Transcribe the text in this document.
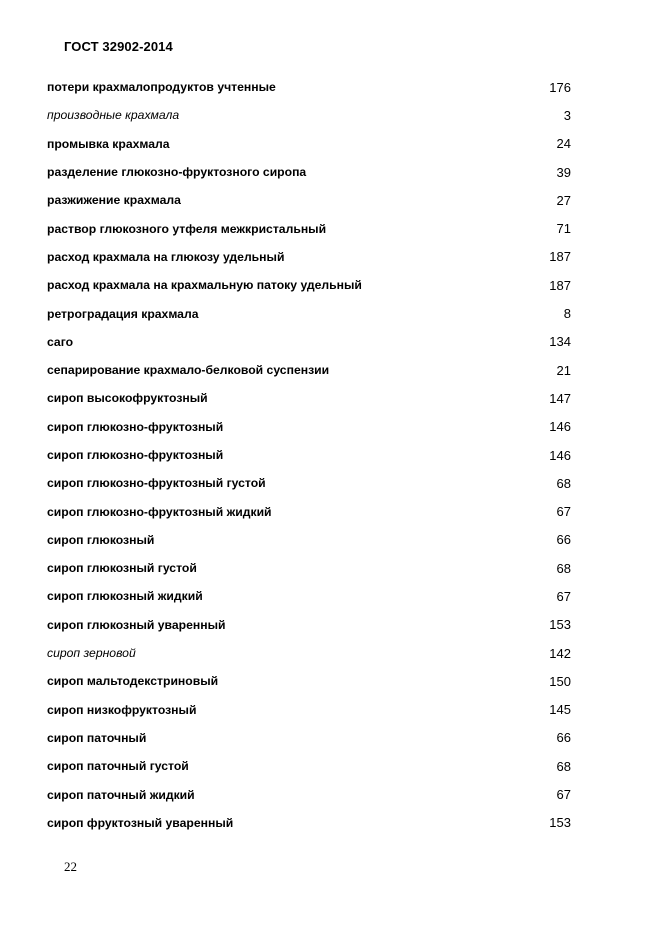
ГОСТ 32902-2014
потери крахмалопродуктов учтенные	176
производные крахмала	3
промывка крахмала	24
разделение глюкозно-фруктозного сиропа	39
разжижение крахмала	27
раствор глюкозного утфеля межкристальный	71
расход крахмала на глюкозу удельный	187
расход крахмала на крахмальную патоку удельный	187
ретроградация крахмала	8
саго	134
сепарирование крахмало-белковой суспензии	21
сироп высокофруктозный	147
сироп глюкозно-фруктозный	146
сироп глюкозно-фруктозный	146
сироп глюкозно-фруктозный густой	68
сироп глюкозно-фруктозный жидкий	67
сироп глюкозный	66
сироп глюкозный густой	68
сироп глюкозный жидкий	67
сироп глюкозный уваренный	153
сироп зерновой	142
сироп мальтодекстриновый	150
сироп низкофруктозный	145
сироп паточный	66
сироп паточный густой	68
сироп паточный жидкий	67
сироп фруктозный уваренный	153
22
